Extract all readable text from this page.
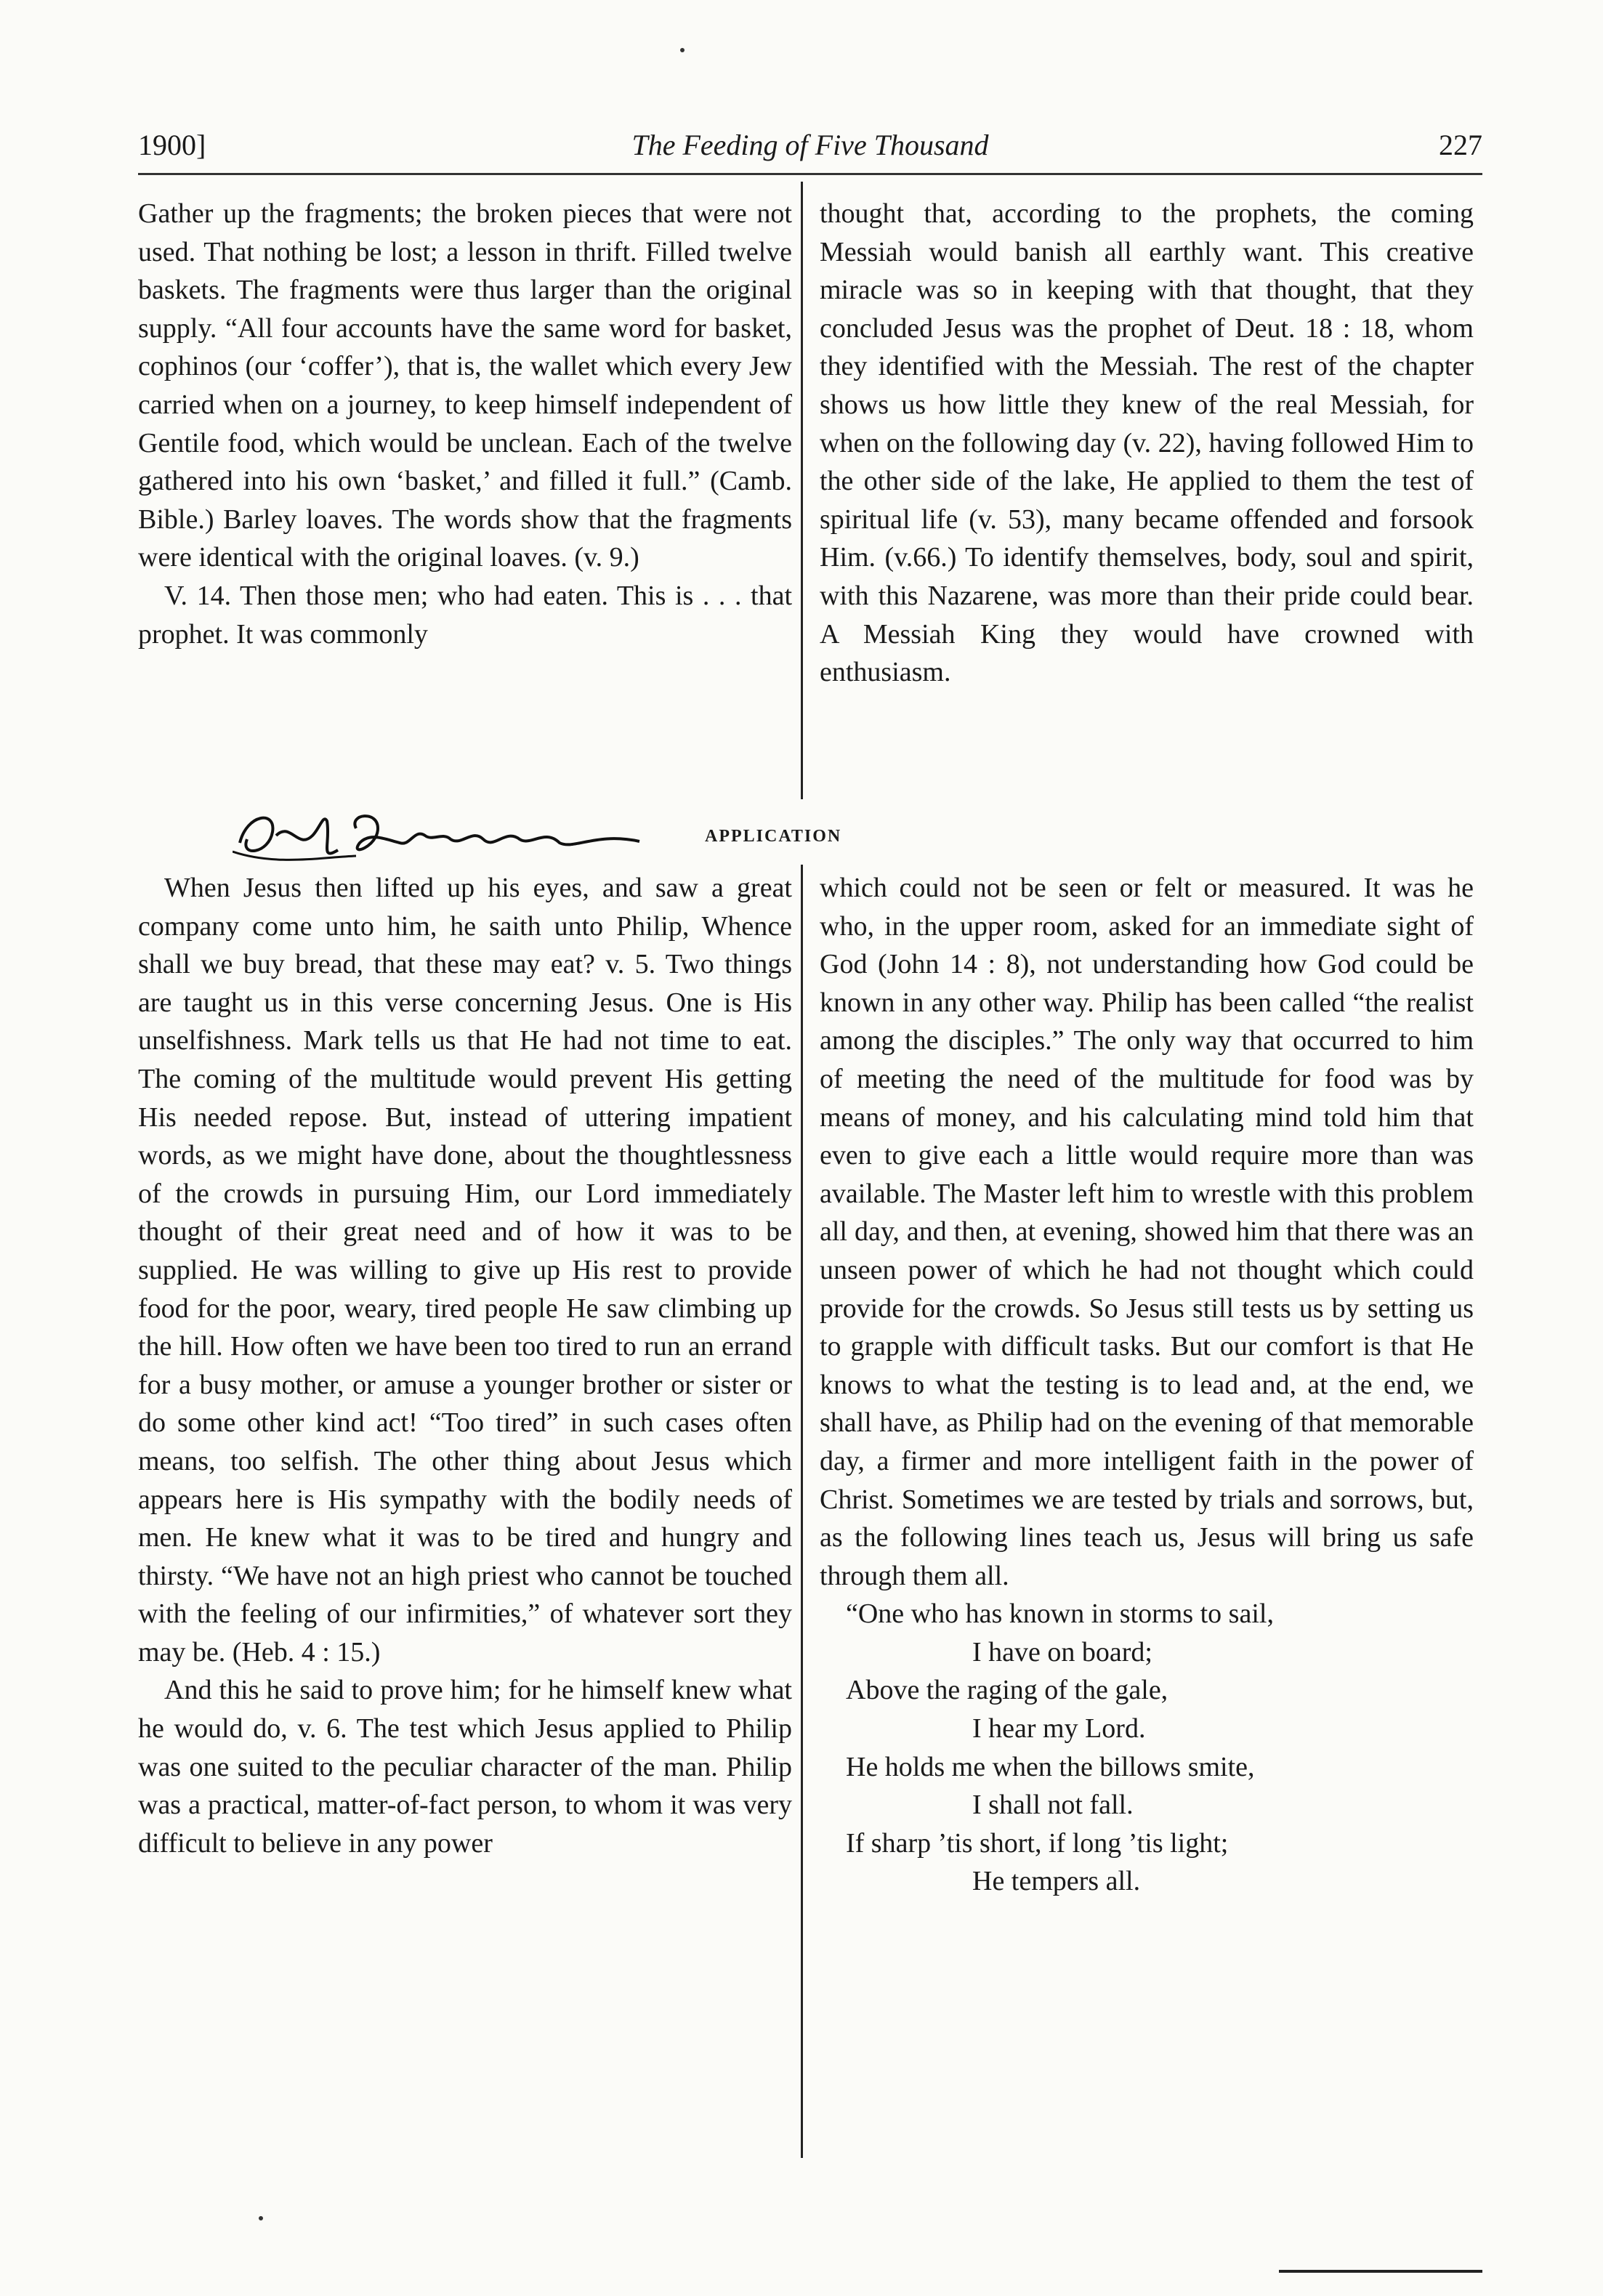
1900]	The Feeding of Five Thousand	227

Gather up the fragments; the broken pieces that were not used. That nothing be lost; a lesson in thrift. Filled twelve baskets. The fragments were thus larger than the original supply. “All four accounts have the same word for basket, cophinos (our ‘coffer’), that is, the wallet which every Jew carried when on a journey, to keep himself independent of Gentile food, which would be unclean. Each of the twelve gathered into his own ‘basket,’ and filled it full.” (Camb. Bible.) Barley loaves. The words show that the fragments were identical with the original loaves. (v. 9.)

V. 14. Then those men; who had eaten. This is . . . that prophet. It was commonly

thought that, according to the prophets, the coming Messiah would banish all earthly want. This creative miracle was so in keeping with that thought, that they concluded Jesus was the prophet of Deut. 18 : 18, whom they identified with the Messiah. The rest of the chapter shows us how little they knew of the real Messiah, for when on the following day (v. 22), having followed Him to the other side of the lake, He applied to them the test of spiritual life (v. 53), many became offended and forsook Him. (v.66.) To identify themselves, body, soul and spirit, with this Nazarene, was more than their pride could bear. A Messiah King they would have crowned with enthusiasm.

APPLICATION

When Jesus then lifted up his eyes, and saw a great company come unto him, he saith unto Philip, Whence shall we buy bread, that these may eat? v. 5. Two things are taught us in this verse concerning Jesus. One is His unselfishness. Mark tells us that He had not time to eat. The coming of the multitude would prevent His getting His needed repose. But, instead of uttering impatient words, as we might have done, about the thoughtlessness of the crowds in pursuing Him, our Lord immediately thought of their great need and of how it was to be supplied. He was willing to give up His rest to provide food for the poor, weary, tired people He saw climbing up the hill. How often we have been too tired to run an errand for a busy mother, or amuse a younger brother or sister or do some other kind act! “Too tired” in such cases often means, too selfish. The other thing about Jesus which appears here is His sympathy with the bodily needs of men. He knew what it was to be tired and hungry and thirsty. “We have not an high priest who cannot be touched with the feeling of our infirmities,” of whatever sort they may be. (Heb. 4 : 15.)

And this he said to prove him; for he himself knew what he would do, v. 6. The test which Jesus applied to Philip was one suited to the peculiar character of the man. Philip was a practical, matter-of-fact person, to whom it was very difficult to believe in any power

which could not be seen or felt or measured. It was he who, in the upper room, asked for an immediate sight of God (John 14 : 8), not understanding how God could be known in any other way. Philip has been called “the realist among the disciples.” The only way that occurred to him of meeting the need of the multitude for food was by means of money, and his calculating mind told him that even to give each a little would require more than was available. The Master left him to wrestle with this problem all day, and then, at evening, showed him that there was an unseen power of which he had not thought which could provide for the crowds. So Jesus still tests us by setting us to grapple with difficult tasks. But our comfort is that He knows to what the testing is to lead and, at the end, we shall have, as Philip had on the evening of that memorable day, a firmer and more intelligent faith in the power of Christ. Sometimes we are tested by trials and sorrows, but, as the following lines teach us, Jesus will bring us safe through them all.

“One who has known in storms to sail,
I have on board;
Above the raging of the gale,
I hear my Lord.
He holds me when the billows smite,
I shall not fall.
If sharp ’tis short, if long ’tis light;
He tempers all.
